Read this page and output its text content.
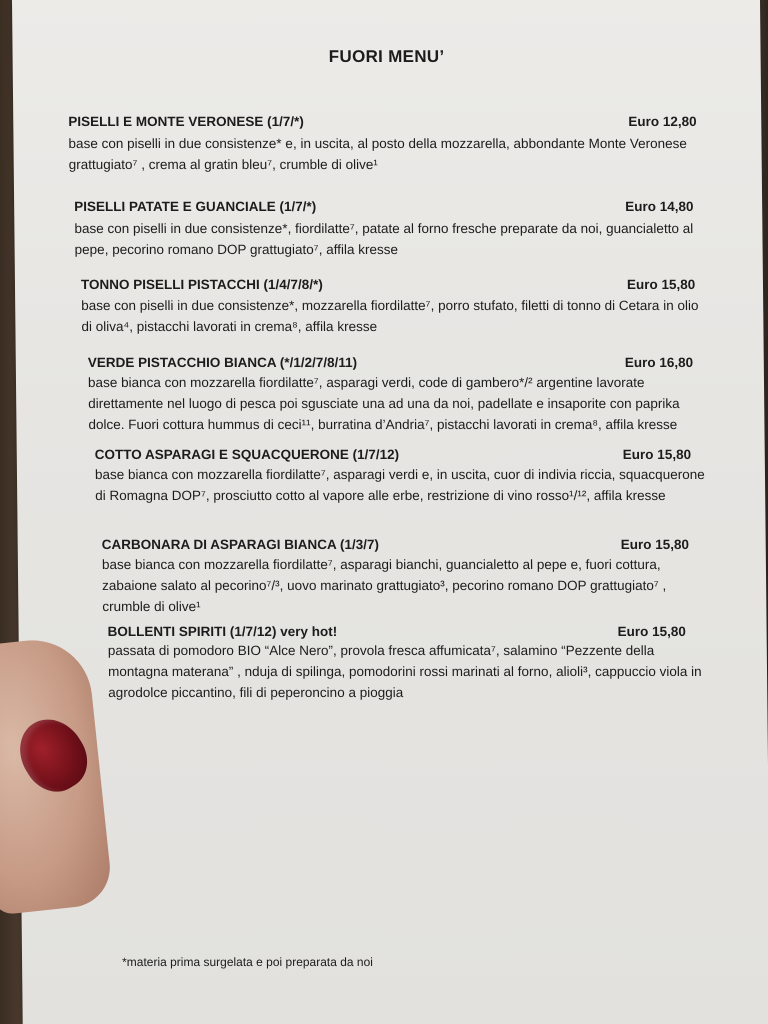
FUORI MENU’
PISELLI E MONTE VERONESE (1/7/*)	Euro 12,80
base con piselli in due consistenze* e, in uscita, al posto della mozzarella, abbondante Monte Veronese grattugiato⁷ , crema al gratin bleu⁷, crumble di olive¹
PISELLI PATATE E GUANCIALE (1/7/*)	Euro 14,80
base con piselli in due consistenze*, fiordilatte⁷, patate al forno fresche preparate da noi, guancialetto al pepe, pecorino romano DOP grattugiato⁷, affila kresse
TONNO PISELLI PISTACCHI (1/4/7/8/*)	Euro 15,80
base con piselli in due consistenze*, mozzarella fiordilatte⁷, porro stufato, filetti di tonno di Cetara in olio di oliva⁴, pistacchi lavorati in crema⁸, affila kresse
VERDE PISTACCHIO BIANCA (*/1/2/7/8/11)	Euro 16,80
base bianca con mozzarella fiordilatte⁷, asparagi verdi, code di gambero*/² argentine lavorate direttamente nel luogo di pesca poi sgusciate una ad una da noi, padellate e insaporite con paprika dolce. Fuori cottura hummus di ceci¹¹, burratina d’Andria⁷, pistacchi lavorati in crema⁸, affila kresse
COTTO ASPARAGI E SQUACQUERONE (1/7/12)	Euro 15,80
base bianca con mozzarella fiordilatte⁷, asparagi verdi e, in uscita, cuor di indivia riccia, squacquerone di Romagna DOP⁷, prosciutto cotto al vapore alle erbe, restrizione di vino rosso¹/¹², affila kresse
CARBONARA DI ASPARAGI BIANCA (1/3/7)	Euro 15,80
base bianca con mozzarella fiordilatte⁷, asparagi bianchi, guancialetto al pepe e, fuori cottura, zabaione salato al pecorino⁷/³, uovo marinato grattugiato³, pecorino romano DOP grattugiato⁷ , crumble di olive¹
BOLLENTI SPIRITI (1/7/12) very hot!	Euro 15,80
passata di pomodoro BIO “Alce Nero”, provola fresca affumicata⁷, salamino “Pezzente della montagna materana” , nduja di spilinga, pomodorini rossi marinati al forno, alioli³, cappuccio viola in agrodolce piccantino, fili di peperoncino a pioggia
*materia prima surgelata e poi preparata da noi
